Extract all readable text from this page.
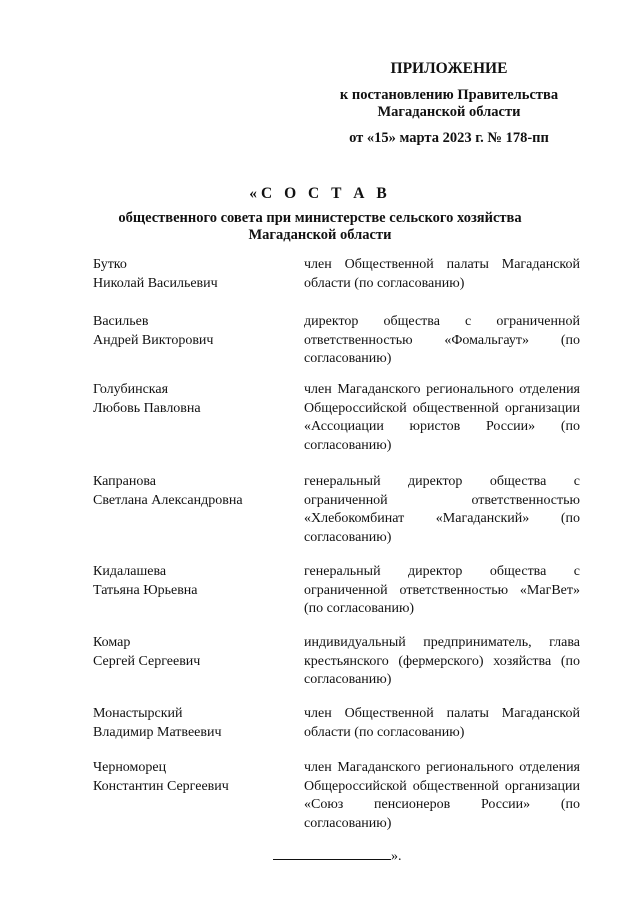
ПРИЛОЖЕНИЕ
к постановлению Правительства
Магаданской области
от «15» марта 2023 г. № 178-пп
«С О С Т А В
общественного совета при министерстве сельского хозяйства
Магаданской области
Бутко
Николай Васильевич
член Общественной палаты Магаданской области (по согласованию)
Васильев
Андрей Викторович
директор общества с ограниченной ответственностью «Фомальгаут» (по согласованию)
Голубинская
Любовь Павловна
член Магаданского регионального отделения Общероссийской общественной организации «Ассоциации юристов России» (по согласованию)
Капранова
Светлана Александровна
генеральный директор общества с ограниченной ответственностью «Хлебокомбинат «Магаданский» (по согласованию)
Кидалашева
Татьяна Юрьевна
генеральный директор общества с ограниченной ответственностью «МагВет» (по согласованию)
Комар
Сергей Сергеевич
индивидуальный предприниматель, глава крестьянского (фермерского) хозяйства (по согласованию)
Монастырский
Владимир Матвеевич
член Общественной палаты Магаданской области (по согласованию)
Черноморец
Константин Сергеевич
член Магаданского регионального отделения Общероссийской общественной организации «Союз пенсионеров России» (по согласованию)
».
